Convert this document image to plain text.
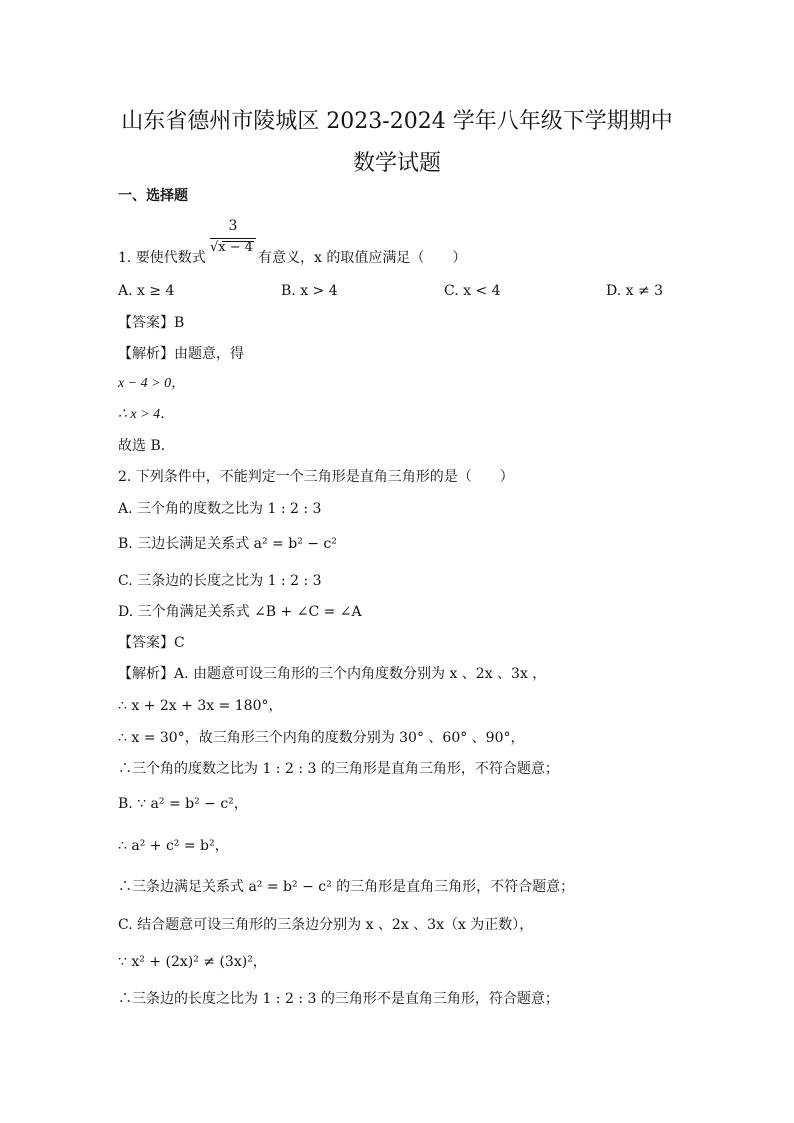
山东省德州市陵城区 2023-2024 学年八年级下学期期中
数学试题
一、选择题
3
√x − 4
1. 要使代数式	有意义，x 的取值应满足（　　）
A. x ≥ 4	B. x > 4	C. x < 4	D. x ≠ 3
【答案】B
【解析】由题意，得
x − 4 > 0，
∴ x > 4．
故选 B．
2. 下列条件中，不能判定一个三角形是直角三角形的是（　　）
A. 三个角的度数之比为 1 : 2 : 3
B. 三边长满足关系式 a² = b² − c²
C. 三条边的长度之比为 1 : 2 : 3
D. 三个角满足关系式 ∠B + ∠C = ∠A
【答案】C
【解析】A. 由题意可设三角形的三个内角度数分别为 x 、2x 、3x ，
∴ x + 2x + 3x = 180°，
∴ x = 30°，故三角形三个内角的度数分别为 30° 、60° 、90°，
∴三个角的度数之比为 1 : 2 : 3 的三角形是直角三角形，不符合题意；
B. ∵ a² = b² − c²，
∴ a² + c² = b²，
∴三条边满足关系式 a² = b² − c² 的三角形是直角三角形，不符合题意；
C. 结合题意可设三角形的三条边分别为 x 、2x 、3x（x 为正数），
∵ x² + (2x)² ≠ (3x)²，
∴三条边的长度之比为 1 : 2 : 3 的三角形不是直角三角形，符合题意；
